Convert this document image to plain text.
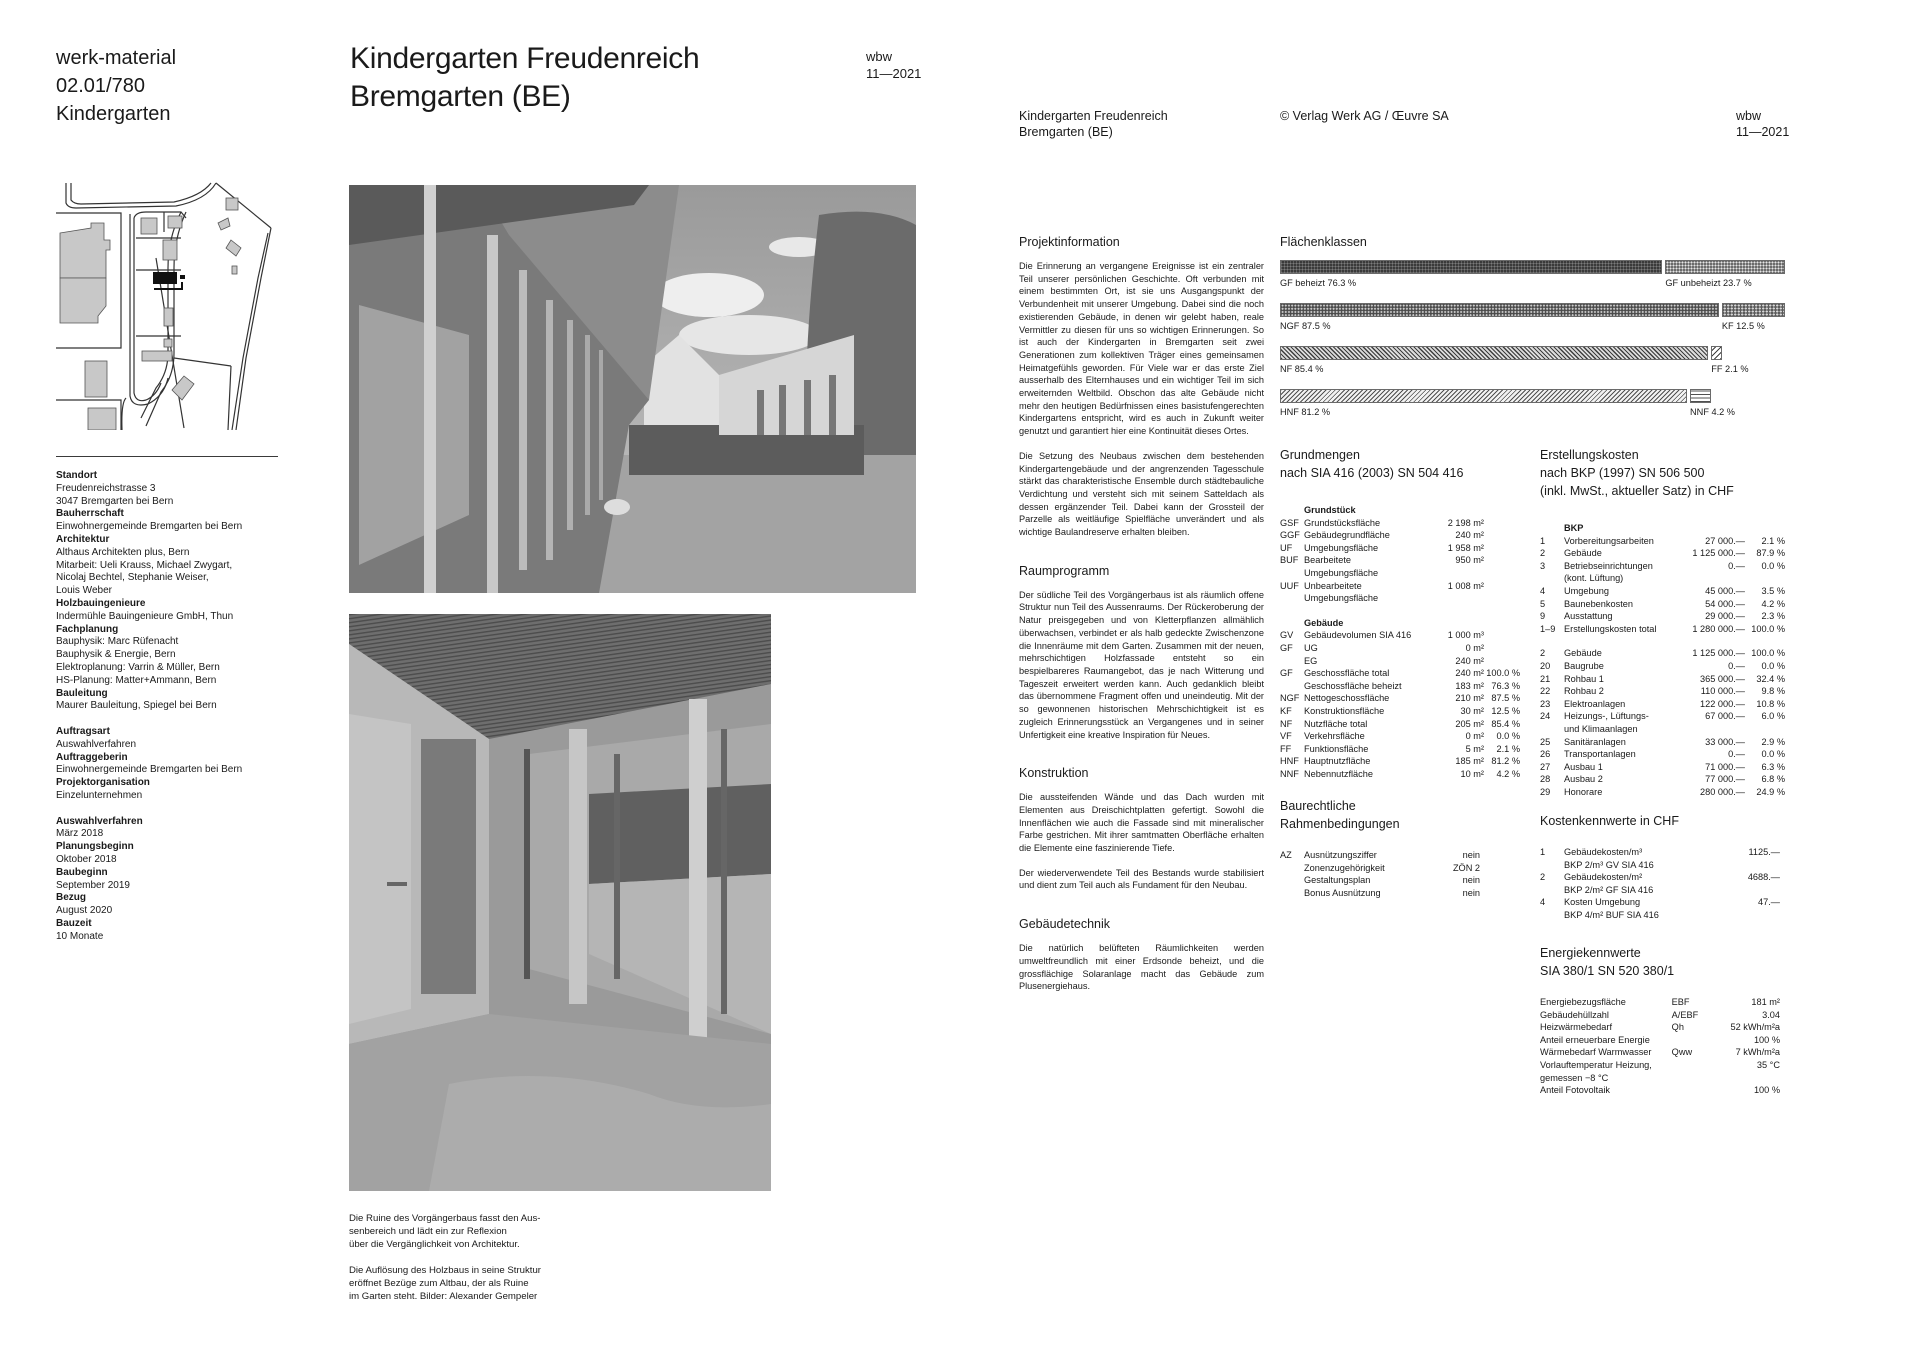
werk-material
02.01/780
Kindergarten
Kindergarten Freudenreich
Bremgarten (BE)
wbw
11—2021
Standort
Freudenreichstrasse 3
3047 Bremgarten bei Bern
Bauherrschaft
Einwohnergemeinde Bremgarten bei Bern
Architektur
Althaus Architekten plus, Bern
Mitarbeit: Ueli Krauss, Michael Zwygart,
Nicolaj Bechtel, Stephanie Weiser,
Louis Weber
Holzbauingenieure
Indermühle Bauingenieure GmbH, Thun
Fachplanung
Bauphysik: Marc Rüfenacht
Bauphysik & Energie, Bern
Elektroplanung: Varrin & Müller, Bern
HS-Planung: Matter+Ammann, Bern
Bauleitung
Maurer Bauleitung, Spiegel bei Bern
Auftragsart
Auswahlverfahren
Auftraggeberin
Einwohnergemeinde Bremgarten bei Bern
Projektorganisation
Einzelunternehmen
Auswahlverfahren
März 2018
Planungsbeginn
Oktober 2018
Baubeginn
September 2019
Bezug
August 2020
Bauzeit
10 Monate

Die Ruine des Vorgängerbaus fasst den Aus-
senbereich und lädt ein zur Reflexion
über die Vergänglichkeit von Architektur.

Die Auflösung des Holzbaus in seine Struktur
eröffnet Bezüge zum Altbau, der als Ruine
im Garten steht. Bilder: Alexander Gempeler

Kindergarten Freudenreich
Bremgarten (BE)
© Verlag Werk AG / Œuvre SA	wbw
11—2021
Projektinformation

Die Erinnerung an vergangene Ereignisse ist ein zentraler Teil unserer persönlichen Geschichte. Oft verbunden mit einem bestimmten Ort, ist sie uns Ausgangspunkt der Verbundenheit mit unserer Umgebung. Dabei sind die noch existierenden Gebäude, in denen wir gelebt haben, reale Vermittler zu diesen für uns so wichtigen Erinnerungen. So ist auch der Kindergarten in Bremgarten seit zwei Generationen zum kollektiven Träger eines gemeinsamen Heimatgefühls geworden. Für Viele war er das erste Ziel ausserhalb des Elternhauses und ein wichtiger Teil im sich erweiternden Weltbild. Obschon das alte Gebäude nicht mehr den heutigen Bedürfnissen eines basistufengerechten Kindergartens entspricht, wird es auch in Zukunft weiter genutzt und garantiert hier eine Kontinuität dieses Ortes.

Die Setzung des Neubaus zwischen dem bestehenden Kindergartengebäude und der angrenzenden Tagesschule stärkt das charakteristische Ensemble durch städtebauliche Verdichtung und versteht sich mit seinem Satteldach als dessen ergänzender Teil. Dabei kann der Grossteil der Parzelle als weitläufige Spielfläche unverändert und als wichtige Baulandreserve erhalten bleiben.

Raumprogramm

Der südliche Teil des Vorgängerbaus ist als räumlich offene Struktur nun Teil des Aussenraums. Der Rückeroberung der Natur preisgegeben und von Kletterpflanzen allmählich überwachsen, verbindet er als halb gedeckte Zwischenzone die Innenräume mit dem Garten. Zusammen mit der neuen, mehrschichtigen Holzfassade entsteht so ein bespielbareres Raumangebot, das je nach Witterung und Tageszeit erweitert werden kann. Auch gedanklich bleibt das übernommene Fragment offen und uneindeutig. Mit der so gewonnenen historischen Mehrschichtigkeit ist es zugleich Erinnerungsstück an Vergangenes und in seiner Unfertigkeit eine kreative Inspiration für Neues.

Konstruktion

Die aussteifenden Wände und das Dach wurden mit Elementen aus Dreischichtplatten gefertigt. Sowohl die Innenflächen wie auch die Fassade sind mit mineralischer Farbe gestrichen. Mit ihrer samtmatten Oberfläche erhalten die Elemente eine faszinierende Tiefe.

Der wiederverwendete Teil des Bestands wurde stabilisiert und dient zum Teil auch als Fundament für den Neubau.

Gebäudetechnik

Die natürlich belüfteten Räumlichkeiten werden umweltfreundlich mit einer Erdsonde beheizt, und die grossflächige Solaranlage macht das Gebäude zum Plusenergiehaus.

Flächenklassen
GF beheizt 76.3 %	GF unbeheizt 23.7 %
NGF 87.5 %	KF 12.5 %
NF 85.4 %	FF 2.1 %
HNF 81.2 %	NNF 4.2 %
Grundmengen
nach SIA 416 (2003) SN 504 416
	Grundstück		
GSF	Grundstücksfläche	2 198 m²	
GGF	Gebäudegrundfläche	240 m²	
UF	Umgebungsfläche	1 958 m²	
BUF	Bearbeitete	950 m²	
	Umgebungsfläche		
UUF	Unbearbeitete	1 008 m²	
	Umgebungsfläche		
	Gebäude		
GV	Gebäudevolumen SIA 416	1 000 m³	
GF	UG	0 m²	
	EG	240 m²	
GF	Geschossfläche total	240 m²	100.0 %
	Geschossfläche beheizt	183 m²	76.3 %
NGF	Nettogeschossfläche	210 m²	87.5 %
KF	Konstruktionsfläche	30 m²	12.5 %
NF	Nutzfläche total	205 m²	85.4 %
VF	Verkehrsfläche	0 m²	0.0 %
FF	Funktionsfläche	5 m²	2.1 %
HNF	Hauptnutzfläche	185 m²	81.2 %
NNF	Nebennutzfläche	10 m²	4.2 %
Baurechtliche
Rahmenbedingungen
AZ	Ausnützungsziffer	nein
	Zonenzugehörigkeit	ZÖN 2
	Gestaltungsplan	nein
	Bonus Ausnützung	nein
Erstellungskosten
nach BKP (1997) SN 506 500
(inkl. MwSt., aktueller Satz) in CHF
	BKP		
1	Vorbereitungsarbeiten	27 000.—	2.1 %
2	Gebäude	1 125 000.—	87.9 %
3	Betriebseinrichtungen	0.—	0.0 %
	(kont. Lüftung)		
4	Umgebung	45 000.—	3.5 %
5	Baunebenkosten	54 000.—	4.2 %
9	Ausstattung	29 000.—	2.3 %
1–9	Erstellungskosten total	1 280 000.—	100.0 %

2	Gebäude	1 125 000.—	100.0 %
20	Baugrube	0.—	0.0 %
21	Rohbau 1	365 000.—	32.4 %
22	Rohbau 2	110 000.—	9.8 %
23	Elektroanlagen	122 000.—	10.8 %
24	Heizungs-, Lüftungs-	67 000.—	6.0 %
	und Klimaanlagen		
25	Sanitäranlagen	33 000.—	2.9 %
26	Transportanlagen	0.—	0.0 %
27	Ausbau 1	71 000.—	6.3 %
28	Ausbau 2	77 000.—	6.8 %
29	Honorare	280 000.—	24.9 %
Kostenkennwerte in CHF
1	Gebäudekosten/m³	1125.—
	BKP 2/m³ GV SIA 416	
2	Gebäudekosten/m²	4688.—
	BKP 2/m² GF SIA 416	
4	Kosten Umgebung	47.—
	BKP 4/m² BUF SIA 416	
Energiekennwerte
SIA 380/1 SN 520 380/1
Energiebezugsfläche	EBF	181 m²
Gebäudehüllzahl	A/EBF	3.04
Heizwärmebedarf	Qh	52 kWh/m²a
Anteil erneuerbare Energie		100 %
Wärmebedarf Warmwasser	Qww	7 kWh/m²a
Vorlauftemperatur Heizung,		35 °C
gemessen −8 °C		
Anteil Fotovoltaik		100 %
